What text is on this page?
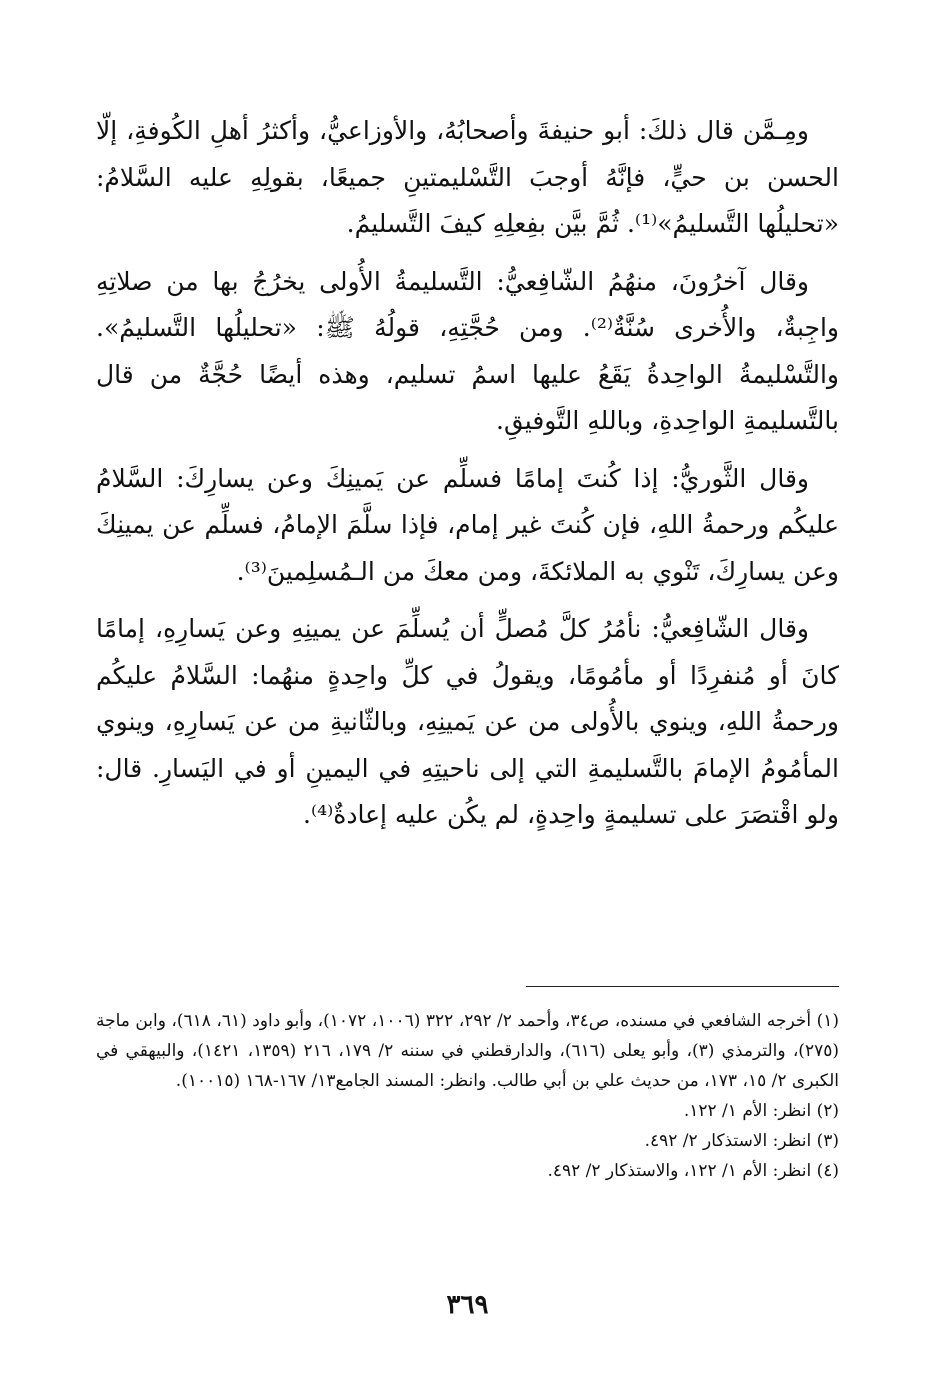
ومِـمَّن قال ذلكَ: أبو حنيفةَ وأصحابُهُ، والأوزاعيُّ، وأكثرُ أهلِ الكُوفةِ، إلّا الحسن بن حيٍّ، فإنَّهُ أوجبَ التَّسْليمتينِ جميعًا، بقولِهِ عليه السَّلامُ: «تحليلُها التَّسليمُ»⁽¹⁾. ثُمَّ بيَّن بفِعلِهِ كيفَ التَّسليمُ.

وقال آخرُونَ، منهُمُ الشّافِعيُّ: التَّسليمةُ الأُولى يخرُجُ بها من صلاتِهِ واجِبةٌ، والأُخرى سُنَّةٌ⁽²⁾. ومن حُجَّتِهِ، قولُهُ ﷺ: «تحليلُها التَّسليمُ». والتَّسْليمةُ الواحِدةُ يَقَعُ عليها اسمُ تسليم، وهذه أيضًا حُجَّةٌ من قال بالتَّسليمةِ الواحِدةِ، وباللهِ التَّوفيقِ.

وقال الثَّوريُّ: إذا كُنتَ إمامًا فسلِّم عن يَمينِكَ وعن يسارِكَ: السَّلامُ عليكُم ورحمةُ اللهِ، فإن كُنتَ غير إمام، فإذا سلَّمَ الإمامُ، فسلِّم عن يمينِكَ وعن يسارِكَ، تَنْوي به الملائكةَ، ومن معكَ من الـمُسلِمينَ⁽³⁾.

وقال الشّافِعيُّ: نأمُرُ كلَّ مُصلٍّ أن يُسلِّمَ عن يمينِهِ وعن يَسارِهِ، إمامًا كانَ أو مُنفرِدًا أو مأمُومًا، ويقولُ في كلِّ واحِدةٍ منهُما: السَّلامُ عليكُم ورحمةُ اللهِ، وينوي بالأُولى من عن يَمينِهِ، وبالثّانيةِ من عن يَسارِهِ، وينوي المأمُومُ الإمامَ بالتَّسليمةِ التي إلى ناحيتِهِ في اليمينِ أو في اليَسارِ. قال: ولو اقْتصَرَ على تسليمةٍ واحِدةٍ، لم يكُن عليه إعادةٌ⁽⁴⁾.

(١) أخرجه الشافعي في مسنده، ص٣٤، وأحمد ٢/ ٢٩٢، ٣٢٢ (١٠٠٦، ١٠٧٢)، وأبو داود (٦١، ٦١٨)، وابن ماجة (٢٧٥)، والترمذي (٣)، وأبو يعلى (٦١٦)، والدارقطني في سننه ٢/ ١٧٩، ٢١٦ (١٣٥٩، ١٤٢١)، والبيهقي في الكبرى ٢/ ١٥، ١٧٣، من حديث علي بن أبي طالب. وانظر: المسند الجامع١٣/ ١٦٧-١٦٨ (١٠٠١٥).

(٢) انظر: الأم ١/ ١٢٢.

(٣) انظر: الاستذكار ٢/ ٤٩٢.

(٤) انظر: الأم ١/ ١٢٢، والاستذكار ٢/ ٤٩٢.

٣٦٩
